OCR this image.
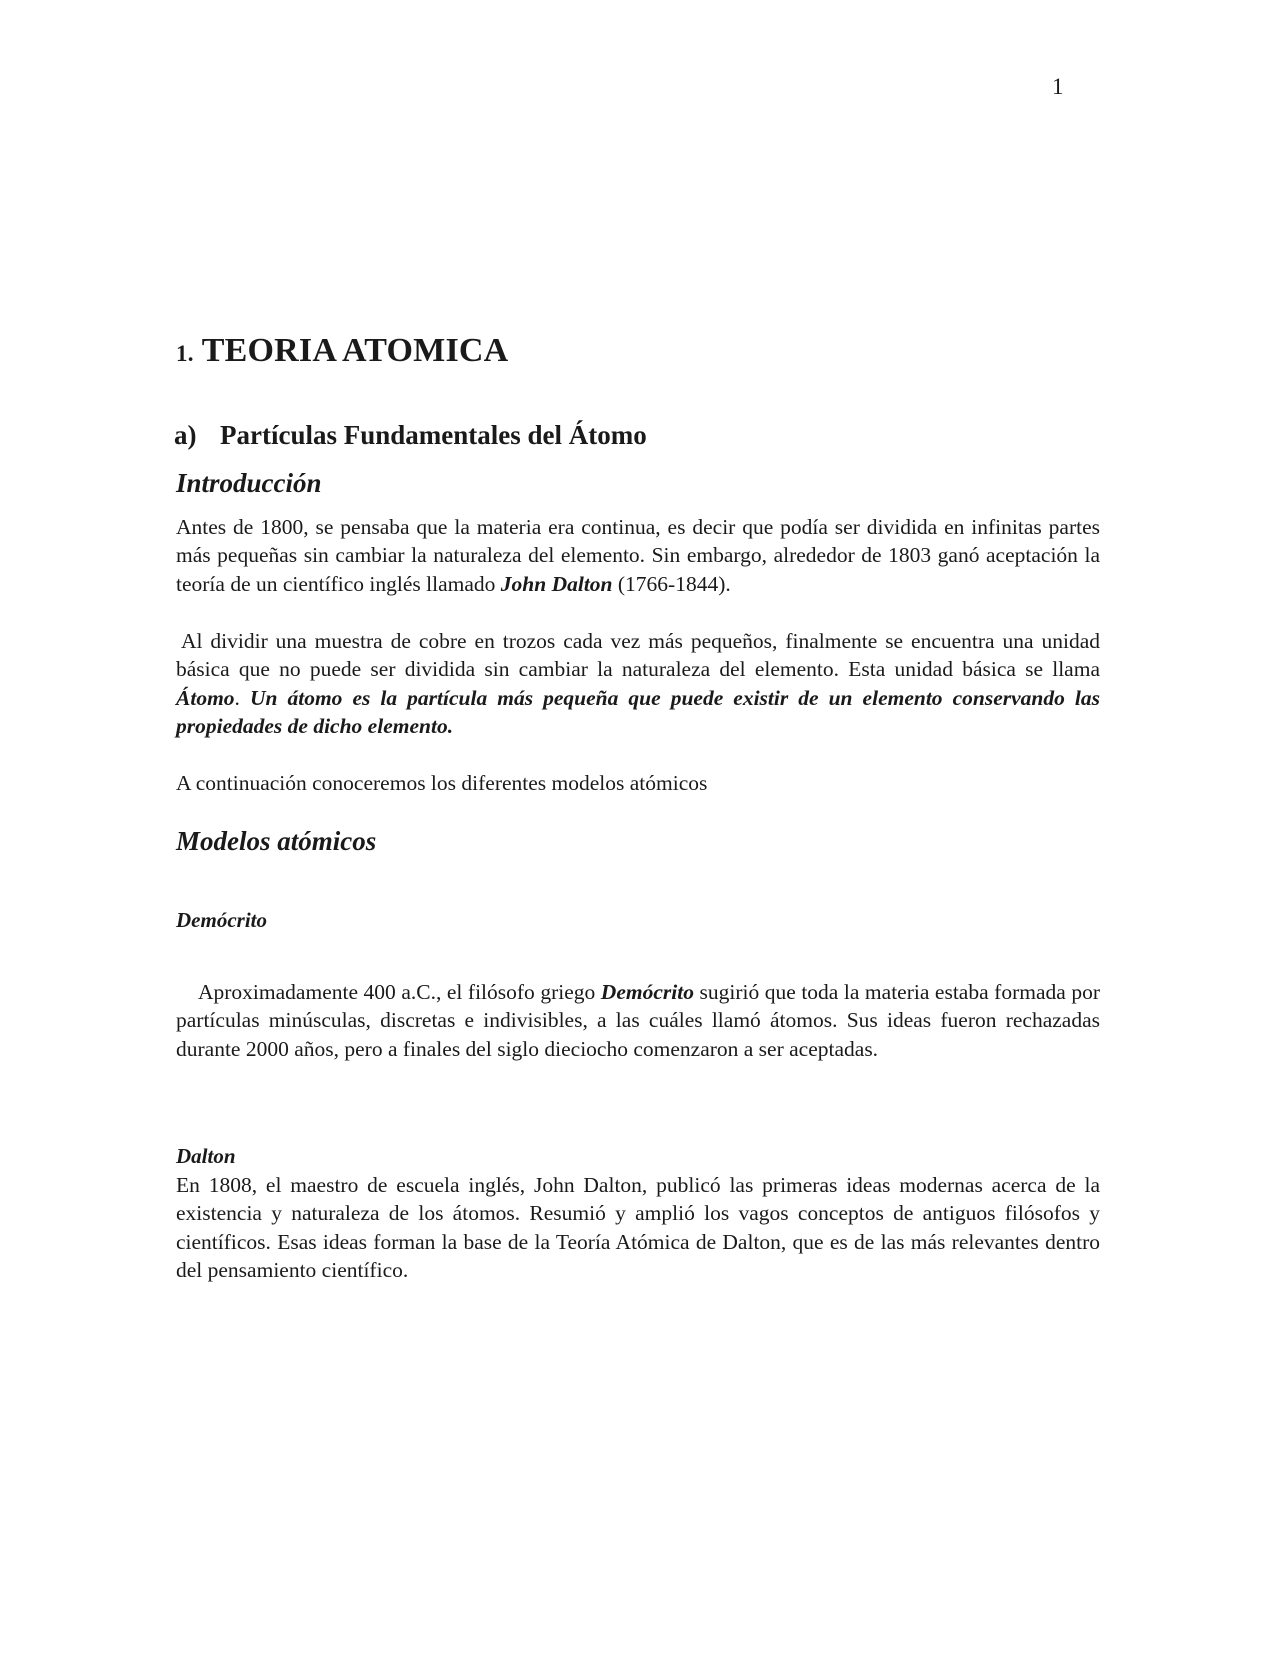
1
1. TEORIA ATOMICA
a) Partículas Fundamentales del Átomo
Introducción

Antes de 1800, se pensaba que la materia era continua, es decir que podía ser dividida en infinitas partes más pequeñas sin cambiar la naturaleza del elemento. Sin embargo, alrededor de 1803 ganó aceptación la teoría de un científico inglés llamado John Dalton (1766-1844).

Al dividir una muestra de cobre en trozos cada vez más pequeños, finalmente se encuentra una unidad básica que no puede ser dividida sin cambiar la naturaleza del elemento. Esta unidad básica se llama Átomo. Un átomo es la partícula más pequeña que puede existir de un elemento conservando las propiedades de dicho elemento.

A continuación conoceremos los diferentes modelos atómicos

Modelos atómicos
Demócrito

Aproximadamente 400 a.C., el filósofo griego Demócrito sugirió que toda la materia estaba formada por partículas minúsculas, discretas e indivisibles, a las cuáles llamó átomos. Sus ideas fueron rechazadas durante 2000 años, pero a finales del siglo dieciocho comenzaron a ser aceptadas.

Dalton

En 1808, el maestro de escuela inglés, John Dalton, publicó las primeras ideas modernas acerca de la existencia y naturaleza de los átomos. Resumió y amplió los vagos conceptos de antiguos filósofos y científicos. Esas ideas forman la base de la Teoría Atómica de Dalton, que es de las más relevantes dentro del pensamiento científico.
